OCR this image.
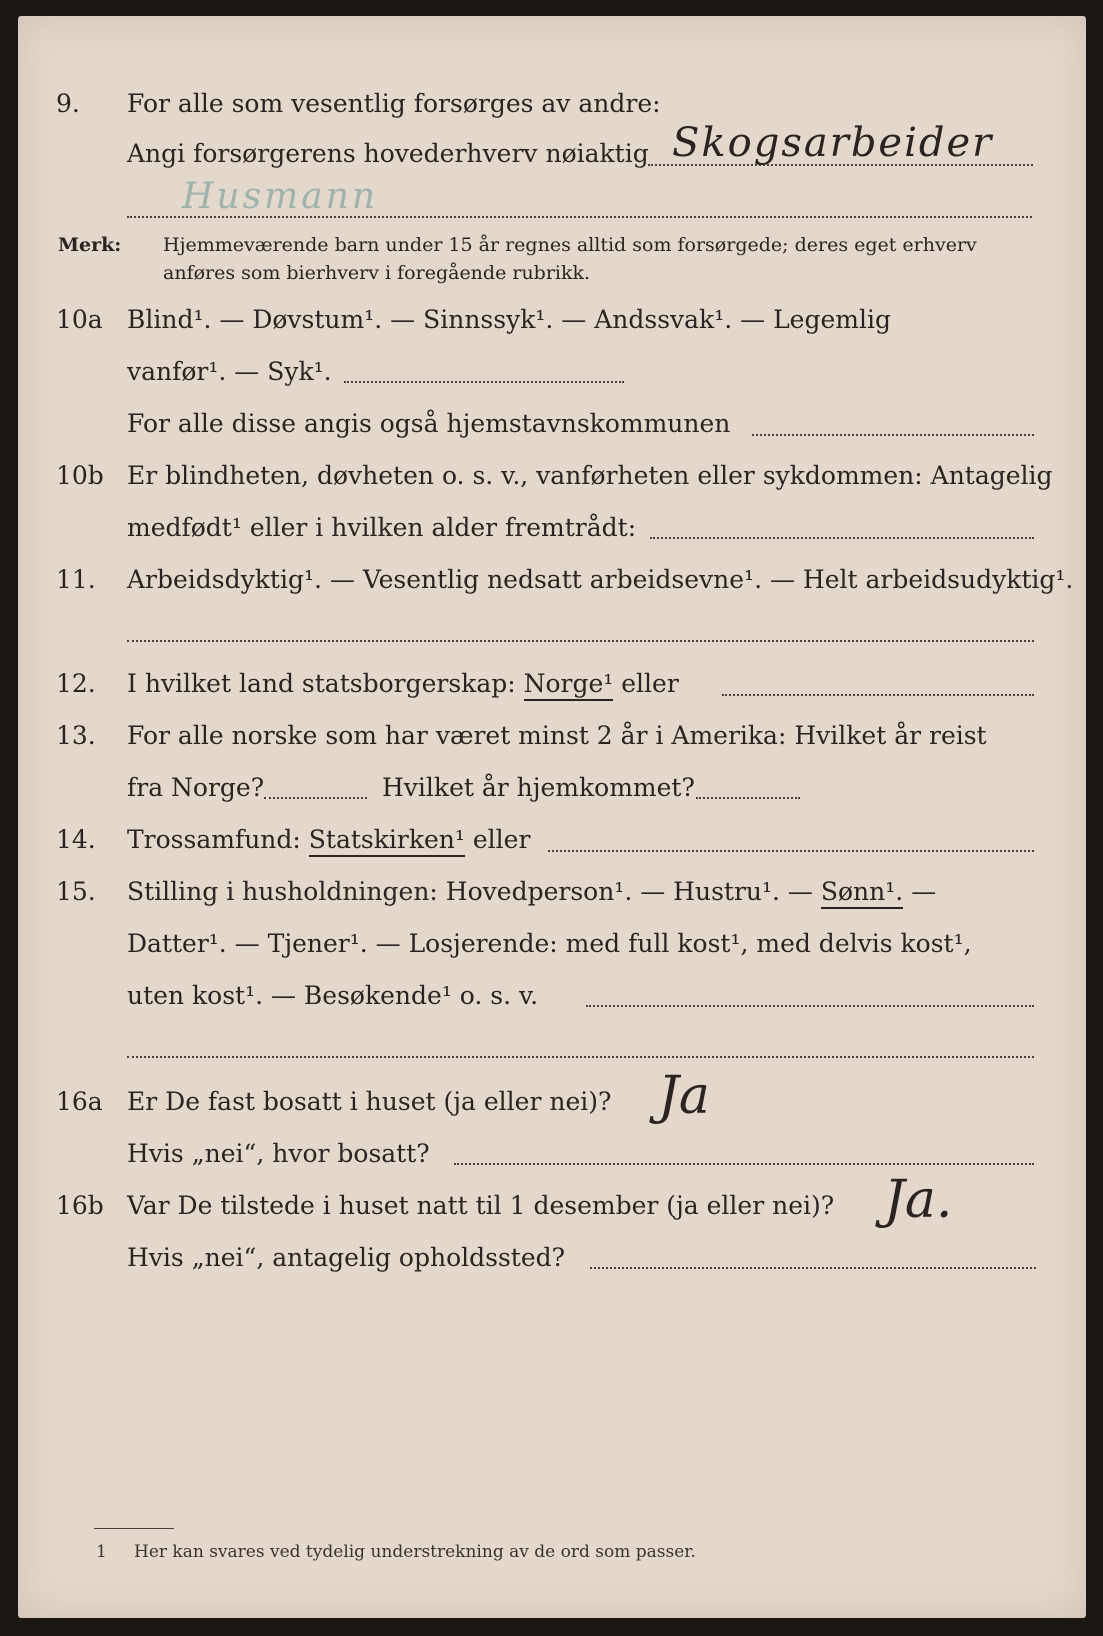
9. For alle som vesentlig forsørges av andre:
Angi forsørgerens hovederhverv nøiaktig Skogsarbeider
Husmann
Merk: Hjemmeværende barn under 15 år regnes alltid som forsørgede; deres eget erhverv
anføres som bierhverv i foregående rubrikk.
10a Blind¹. — Døvstum¹. — Sinnssyk¹. — Andssvak¹. — Legemlig
vanfør¹. — Syk¹.
For alle disse angis også hjemstavnskommunen
10b Er blindheten, døvheten o. s. v., vanførheten eller sykdommen: Antagelig
medfødt¹ eller i hvilken alder fremtrådt:
11. Arbeidsdyktig¹. — Vesentlig nedsatt arbeidsevne¹. — Helt arbeidsudyktig¹.
12. I hvilket land statsborgerskap: Norge¹ eller
13. For alle norske som har været minst 2 år i Amerika: Hvilket år reist
fra Norge?	Hvilket år hjemkommet?
14. Trossamfund: Statskirken¹ eller
15. Stilling i husholdningen: Hovedperson¹. — Hustru¹. — Sønn¹. —
Datter¹. — Tjener¹. — Losjerende: med full kost¹, med delvis kost¹,
uten kost¹. — Besøkende¹ o. s. v.
16a Er De fast bosatt i huset (ja eller nei)? Ja
Hvis „nei“, hvor bosatt?
16b Var De tilstede i huset natt til 1 desember (ja eller nei)? Ja.
Hvis „nei“, antagelig opholdssted?
1 Her kan svares ved tydelig understrekning av de ord som passer.
